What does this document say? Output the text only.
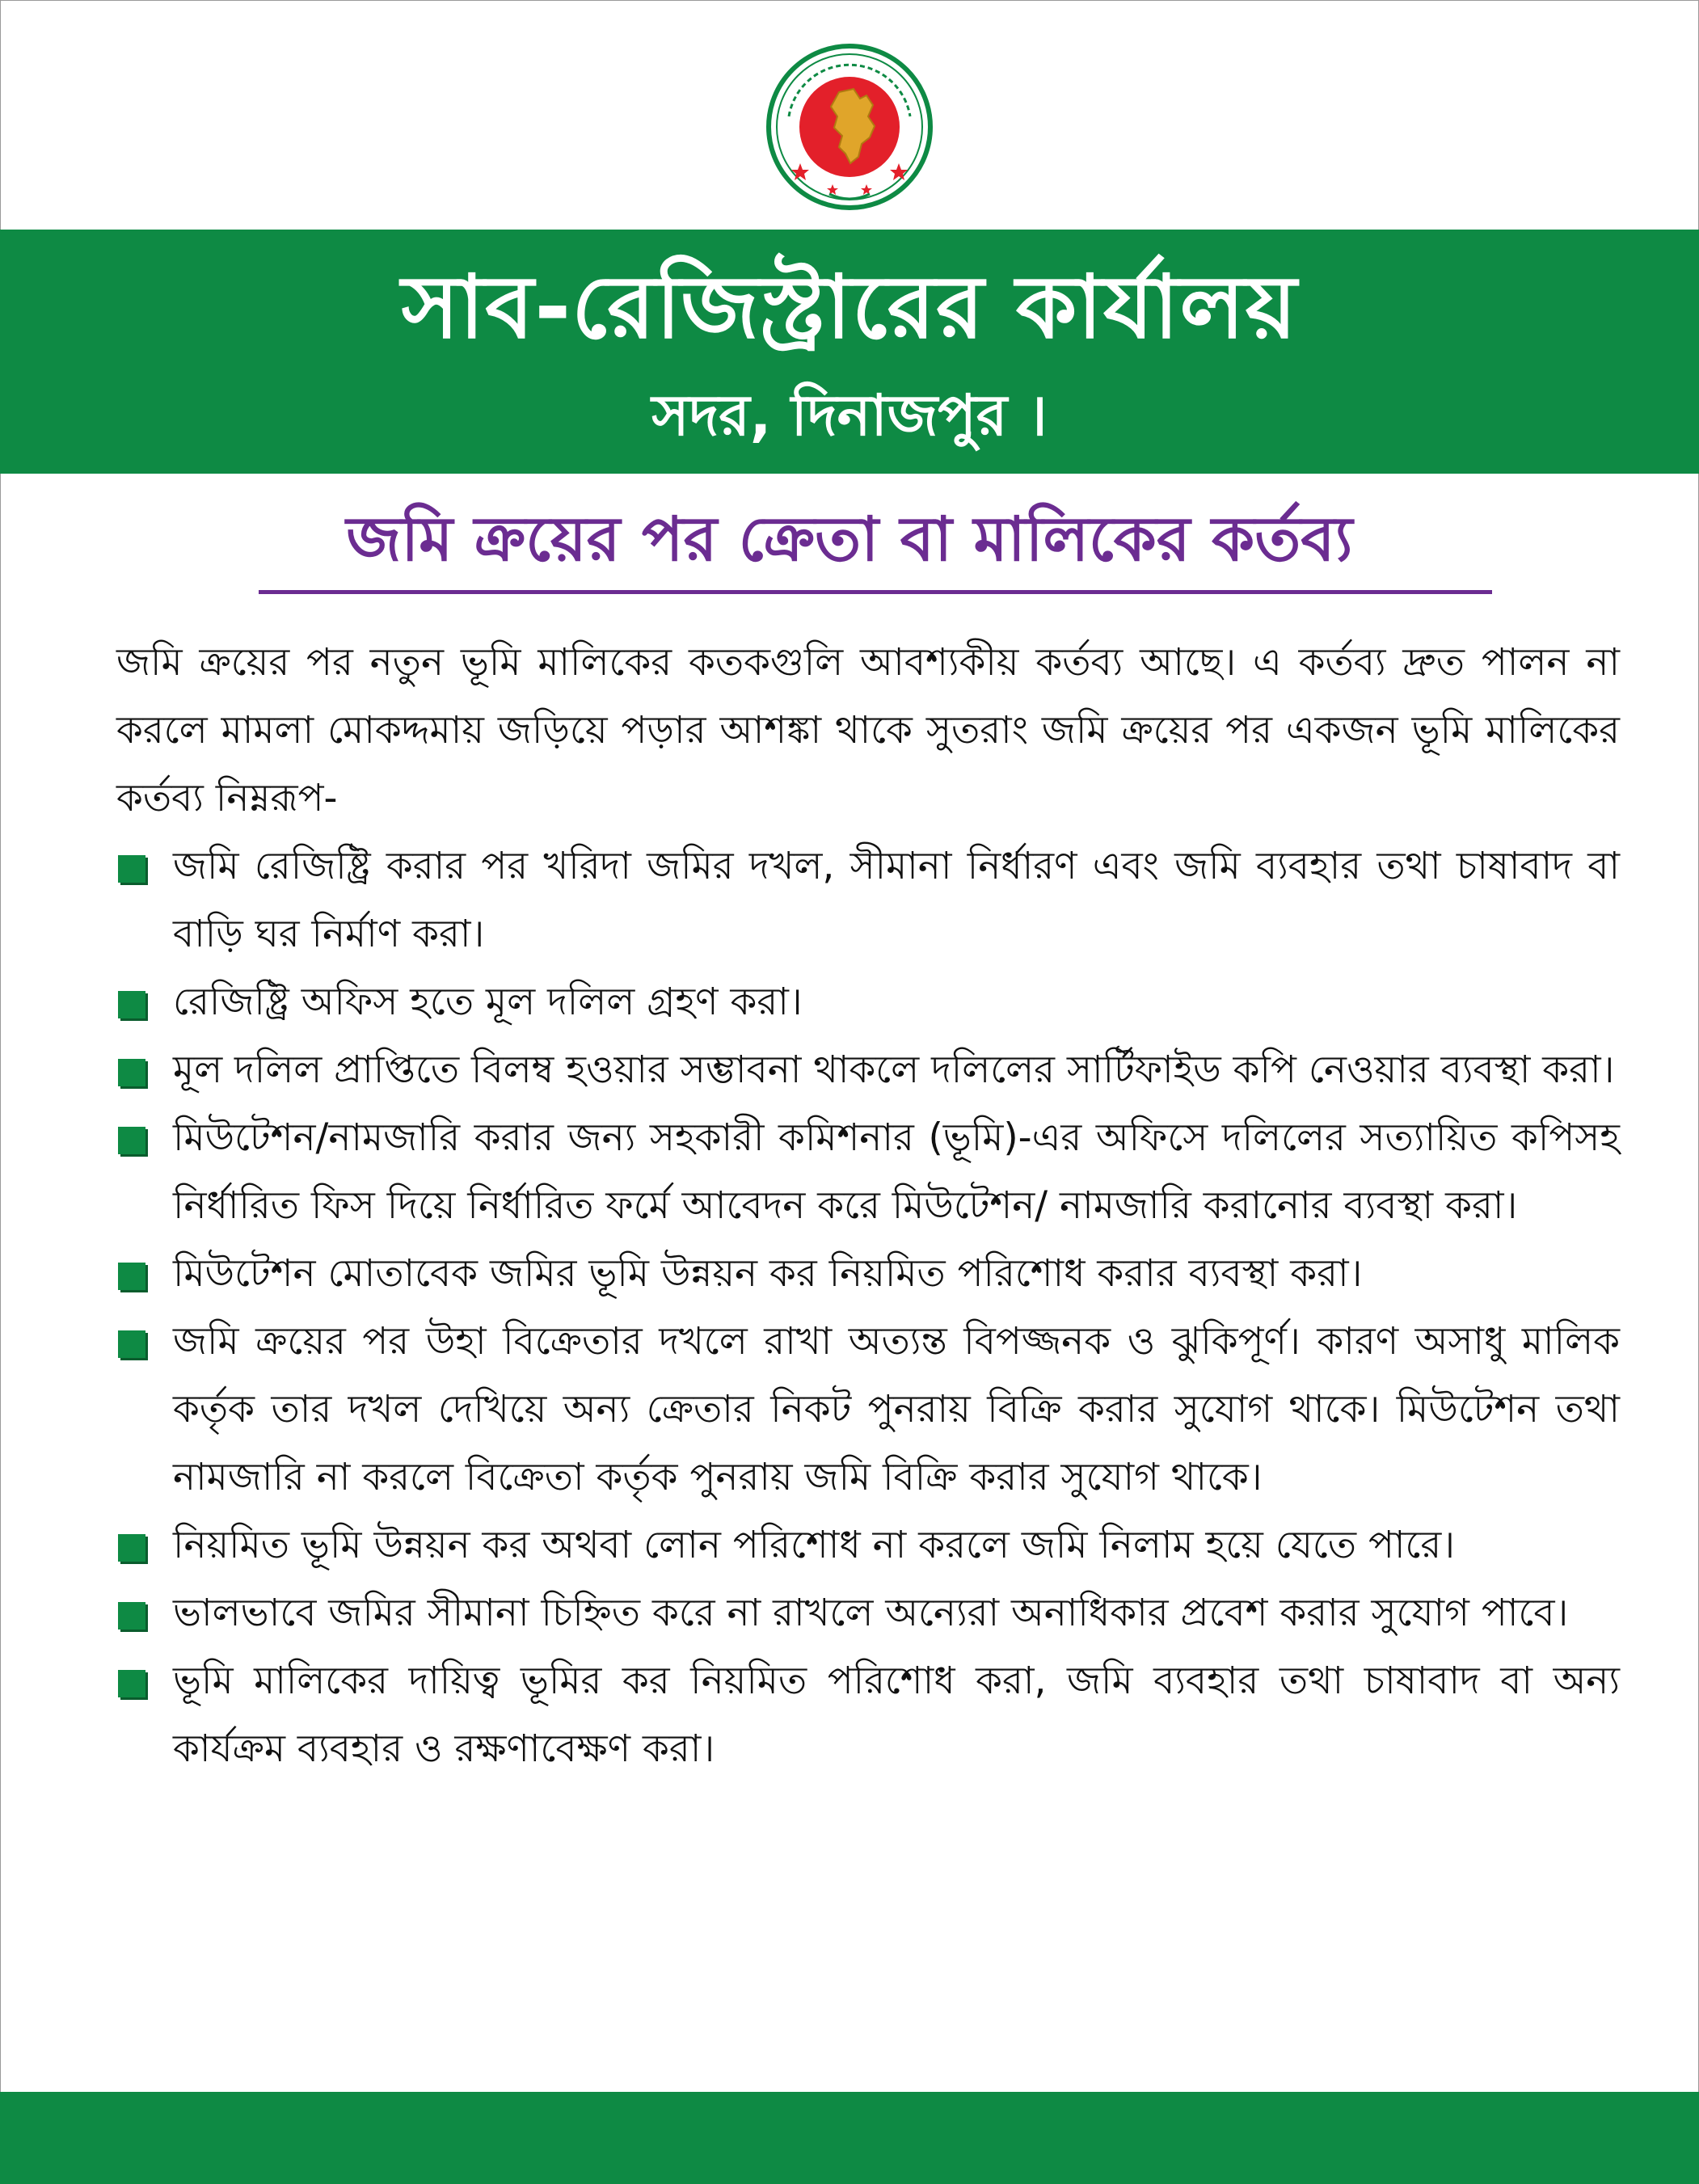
সাব-রেজিস্ট্রারের কার্যালয়
সদর, দিনাজপুর ।
জমি ক্রয়ের পর ক্রেতা বা মালিকের কর্তব্য
জমি ক্রয়ের পর নতুন ভূমি মালিকের কতকগুলি আবশ্যকীয় কর্তব্য আছে। এ কর্তব্য দ্রুত পালন না করলে মামলা মোকদ্দমায় জড়িয়ে পড়ার আশঙ্কা থাকে সুতরাং জমি ক্রয়ের পর একজন ভূমি মালিকের কর্তব্য নিম্নরূপ-
জমি রেজিষ্ট্রি করার পর খরিদা জমির দখল, সীমানা নির্ধারণ এবং জমি ব্যবহার তথা চাষাবাদ বা বাড়ি ঘর নির্মাণ করা।
রেজিষ্ট্রি অফিস হতে মূল দলিল গ্রহণ করা।
মূল দলিল প্রাপ্তিতে বিলম্ব হওয়ার সম্ভাবনা থাকলে দলিলের সার্টিফাইড কপি নেওয়ার ব্যবস্থা করা।
মিউটেশন/নামজারি করার জন্য সহকারী কমিশনার (ভূমি)-এর অফিসে দলিলের সত্যায়িত কপিসহ নির্ধারিত ফিস দিয়ে নির্ধারিত ফর্মে আবেদন করে মিউটেশন/ নামজারি করানোর ব্যবস্থা করা।
মিউটেশন মোতাবেক জমির ভূমি উন্নয়ন কর নিয়মিত পরিশোধ করার ব্যবস্থা করা।
জমি ক্রয়ের পর উহা বিক্রেতার দখলে রাখা অত্যন্ত বিপজ্জনক ও ঝুকিপূর্ণ। কারণ অসাধু মালিক কর্তৃক তার দখল দেখিয়ে অন্য ক্রেতার নিকট পুনরায় বিক্রি করার সুযোগ থাকে। মিউটেশন তথা নামজারি না করলে বিক্রেতা কর্তৃক পুনরায় জমি বিক্রি করার সুযোগ থাকে।
নিয়মিত ভূমি উন্নয়ন কর অথবা লোন পরিশোধ না করলে জমি নিলাম হয়ে যেতে পারে।
ভালভাবে জমির সীমানা চিহ্নিত করে না রাখলে অন্যেরা অনাধিকার প্রবেশ করার সুযোগ পাবে।
ভূমি মালিকের দায়িত্ব ভূমির কর নিয়মিত পরিশোধ করা, জমি ব্যবহার তথা চাষাবাদ বা অন্য কার্যক্রম ব্যবহার ও রক্ষণাবেক্ষণ করা।
